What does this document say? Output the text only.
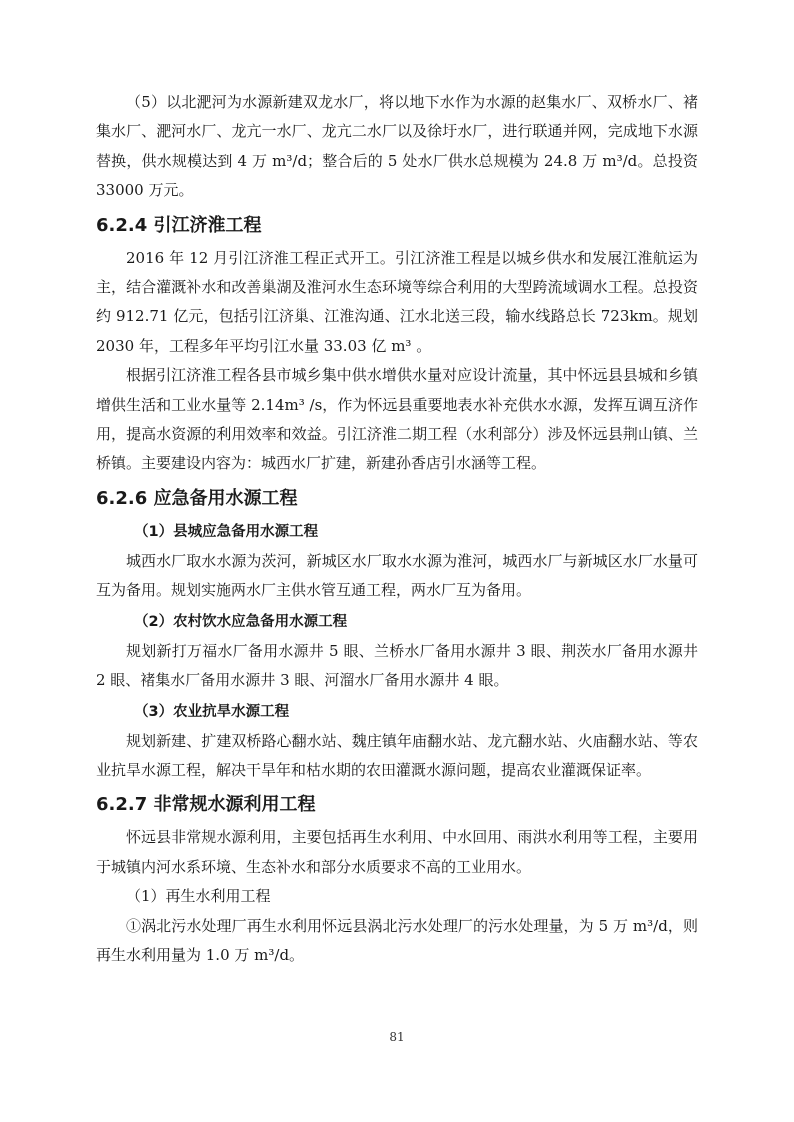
（5）以北淝河为水源新建双龙水厂，将以地下水作为水源的赵集水厂、双桥水厂、褚集水厂、淝河水厂、龙亢一水厂、龙亢二水厂以及徐圩水厂，进行联通并网，完成地下水源替换，供水规模达到 4 万 m³/d；整合后的 5 处水厂供水总规模为 24.8 万 m³/d。总投资 33000 万元。

6.2.4 引江济淮工程

2016 年 12 月引江济淮工程正式开工。引江济淮工程是以城乡供水和发展江淮航运为主，结合灌溉补水和改善巢湖及淮河水生态环境等综合利用的大型跨流域调水工程。总投资约 912.71 亿元，包括引江济巢、江淮沟通、江水北送三段，输水线路总长 723km。规划 2030 年，工程多年平均引江水量 33.03 亿 m³ 。

根据引江济淮工程各县市城乡集中供水增供水量对应设计流量，其中怀远县县城和乡镇增供生活和工业水量等 2.14m³ /s，作为怀远县重要地表水补充供水水源，发挥互调互济作用，提高水资源的利用效率和效益。引江济淮二期工程（水利部分）涉及怀远县荆山镇、兰桥镇。主要建设内容为：城西水厂扩建，新建孙香店引水涵等工程。

6.2.6 应急备用水源工程
（1）县城应急备用水源工程

城西水厂取水水源为茨河，新城区水厂取水水源为淮河，城西水厂与新城区水厂水量可互为备用。规划实施两水厂主供水管互通工程，两水厂互为备用。

（2）农村饮水应急备用水源工程

规划新打万福水厂备用水源井 5 眼、兰桥水厂备用水源井 3 眼、荆茨水厂备用水源井 2 眼、褚集水厂备用水源井 3 眼、河溜水厂备用水源井 4 眼。

（3）农业抗旱水源工程

规划新建、扩建双桥路心翻水站、魏庄镇年庙翻水站、龙亢翻水站、火庙翻水站、等农业抗旱水源工程，解决干旱年和枯水期的农田灌溉水源问题，提高农业灌溉保证率。

6.2.7 非常规水源利用工程

怀远县非常规水源利用，主要包括再生水利用、中水回用、雨洪水利用等工程，主要用于城镇内河水系环境、生态补水和部分水质要求不高的工业用水。

（1）再生水利用工程

①涡北污水处理厂再生水利用怀远县涡北污水处理厂的污水处理量，为 5 万 m³/d，则再生水利用量为 1.0 万 m³/d。

81
